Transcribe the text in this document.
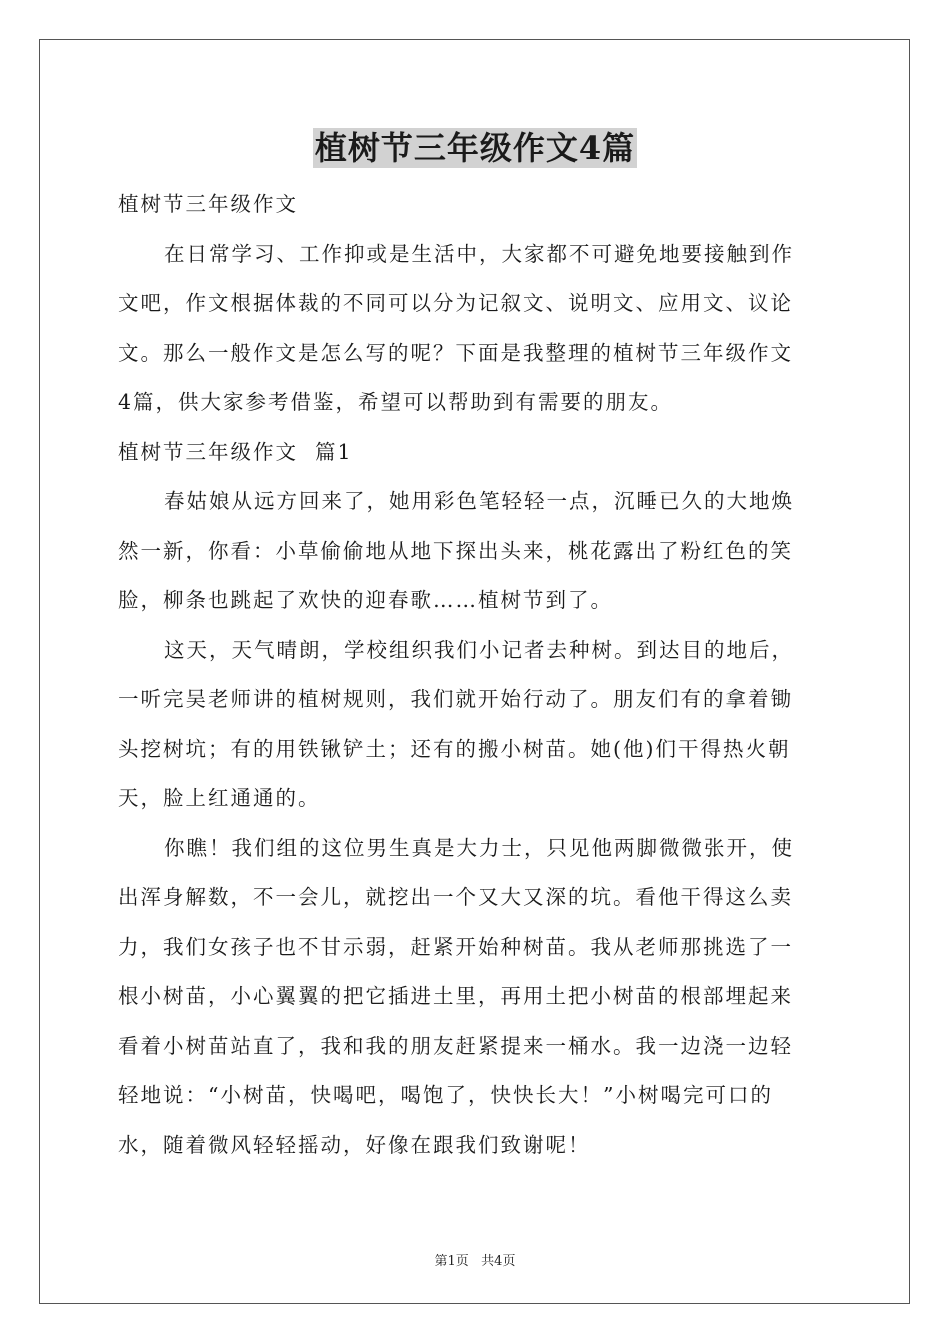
植树节三年级作文4篇
植树节三年级作文
在日常学习、工作抑或是生活中，大家都不可避免地要接触到作
文吧，作文根据体裁的不同可以分为记叙文、说明文、应用文、议论
文。那么一般作文是怎么写的呢？下面是我整理的植树节三年级作文
4篇，供大家参考借鉴，希望可以帮助到有需要的朋友。
植树节三年级作文  篇1
春姑娘从远方回来了，她用彩色笔轻轻一点，沉睡已久的大地焕
然一新，你看：小草偷偷地从地下探出头来，桃花露出了粉红色的笑
脸，柳条也跳起了欢快的迎春歌……植树节到了。
这天，天气晴朗，学校组织我们小记者去种树。到达目的地后，
一听完吴老师讲的植树规则，我们就开始行动了。朋友们有的拿着锄
头挖树坑；有的用铁锹铲土；还有的搬小树苗。她(他)们干得热火朝
天，脸上红通通的。
你瞧！我们组的这位男生真是大力士，只见他两脚微微张开，使
出浑身解数，不一会儿，就挖出一个又大又深的坑。看他干得这么卖
力，我们女孩子也不甘示弱，赶紧开始种树苗。我从老师那挑选了一
根小树苗，小心翼翼的把它插进土里，再用土把小树苗的根部埋起来
看着小树苗站直了，我和我的朋友赶紧提来一桶水。我一边浇一边轻
轻地说：“小树苗，快喝吧，喝饱了，快快长大！”小树喝完可口的
水，随着微风轻轻摇动，好像在跟我们致谢呢！
第1页   共4页
